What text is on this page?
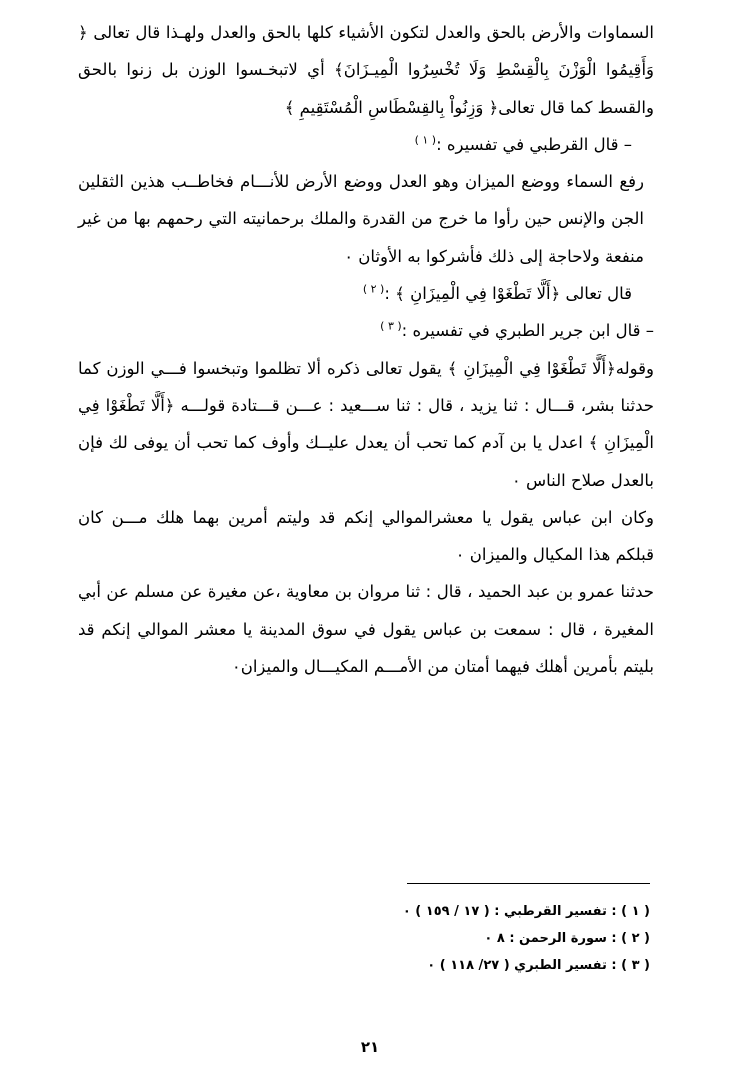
السماوات والأرض بالحق والعدل لتكون الأشياء كلها بالحق والعدل ولهـذا قال تعالى ﴿ وَأَقِيمُوا الْوَزْنَ بِالْقِسْطِ وَلَا تُخْسِرُوا الْمِيـزَانَ﴾ أي لاتبخـسوا الوزن بل زنوا بالحق والقسط كما قال تعالى﴿ وَزِنُواْ بِالقِسْطَاسِ الْمُسْتَقِيمِ ﴾

– قال القرطبي في تفسيره :$^{( ١ )}$

رفع السماء ووضع الميزان وهو العدل ووضع الأرض للأنـــام فخاطــب هذين الثقلين الجن والإنس حين رأوا ما خرج من القدرة والملك برحمانيته التي رحمهم بها من غير منفعة ولاحاجة إلى ذلك فأشركوا به الأوثان ٠

قال تعالى ﴿أَلَّا تَطْغَوْا فِي الْمِيزَانِ ﴾ :$^{( ٢ )}$

– قال ابن جرير الطبري في تفسيره :$^{( ٣ )}$

وقوله﴿أَلَّا تَطْغَوْا فِي الْمِيزَانِ ﴾ يقول تعالى ذكره ألا تظلموا وتبخسوا فـــي الوزن كما حدثنا بشر، قـــال : ثنا يزيد ، قال : ثنا ســـعيد : عـــن قـــتادة قولـــه ﴿أَلَّا تَطْغَوْا فِي الْمِيزَانِ ﴾ اعدل يا بن آدم كما تحب أن يعدل عليــك وأوف كما تحب أن يوفى لك فإن بالعدل صلاح الناس ٠

وكان ابن عباس يقول يا معشرالموالي إنكم قد وليتم أمرين بهما هلك مـــن كان قبلكم هذا المكيال والميزان ٠

حدثنا عمرو بن عبد الحميد ، قال : ثنا مروان بن معاوية ،عن مغيرة عن مسلم عن أبي المغيرة ، قال : سمعت بن عباس يقول في سوق المدينة يا معشر الموالي إنكم قد بليتم بأمرين أهلك فيهما أمتان من الأمـــم المكيـــال والميزان٠

( ١ ) : تفسير القرطبي : ( ١٧ / ١٥٩ ) ٠

( ٢ ) : سورة الرحمن : ٨ ٠

( ٣ ) : تفسير الطبري ( ٢٧/ ١١٨ ) ٠

٢١
